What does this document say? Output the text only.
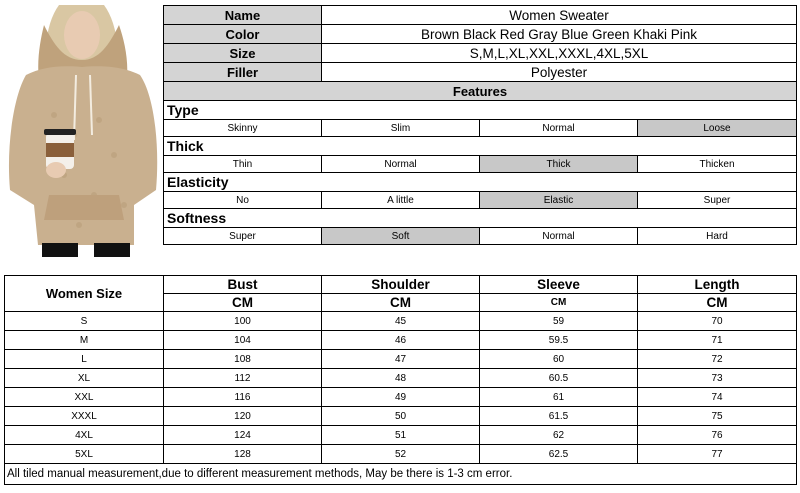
Name	Women Sweater		
Color	Brown Black Red Gray Blue Green Khaki Pink		
Size	S,M,L,XL,XXL,XXXL,4XL,5XL		
Filler	Polyester		
Features			
Type			
Skinny	Slim	Normal	Loose
Thick			
Thin	Normal	Thick	Thicken
Elasticity			
No	A little	Elastic	Super
Softness			
Super	Soft	Normal	Hard
Women Size	Bust	Shoulder	Sleeve	Length
	CM	CM	CM	CM
S	100	45	59	70
M	104	46	59.5	71
L	108	47	60	72
XL	112	48	60.5	73
XXL	116	49	61	74
XXXL	120	50	61.5	75
4XL	124	51	62	76
5XL	128	52	62.5	77
All tiled manual measurement,due to different measurement methods, May be there is 1-3 cm error.				
